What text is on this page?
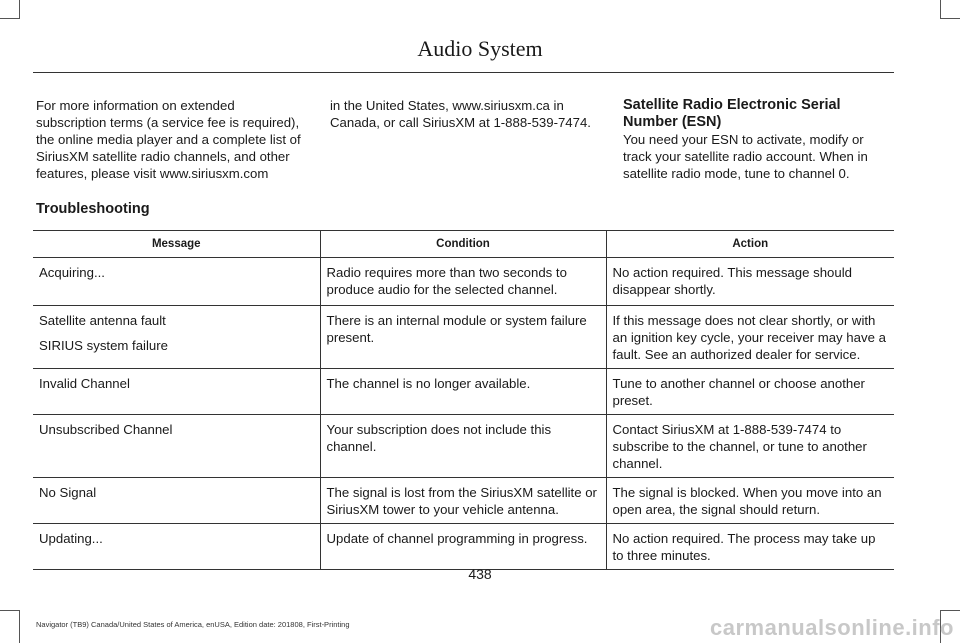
Audio System

For more information on extended subscription terms (a service fee is required), the online media player and a complete list of SiriusXM satellite radio channels, and other features, please visit www.siriusxm.com

in the United States, www.siriusxm.ca in Canada, or call SiriusXM at 1-888-539-7474.

Satellite Radio Electronic Serial Number (ESN)

You need your ESN to activate, modify or track your satellite radio account. When in satellite radio mode, tune to channel 0.

Troubleshooting
Message	Condition	Action

Acquiring...	Radio requires more than two seconds to produce audio for the selected channel.	No action required. This message should disappear shortly.

Satellite antenna fault
SIRIUS system failure	There is an internal module or system failure present.	If this message does not clear shortly, or with an ignition key cycle, your receiver may have a fault. See an authorized dealer for service.

Invalid Channel	The channel is no longer available.	Tune to another channel or choose another preset.

Unsubscribed Channel	Your subscription does not include this channel.	Contact SiriusXM at 1-888-539-7474 to subscribe to the channel, or tune to another channel.

No Signal	The signal is lost from the SiriusXM satellite or SiriusXM tower to your vehicle antenna.	The signal is blocked. When you move into an open area, the signal should return.

Updating...	Update of channel programming in progress.	No action required. The process may take up to three minutes.
438
Navigator (TB9) Canada/United States of America, enUSA, Edition date: 201808, First-Printing	carmanualsonline.info
